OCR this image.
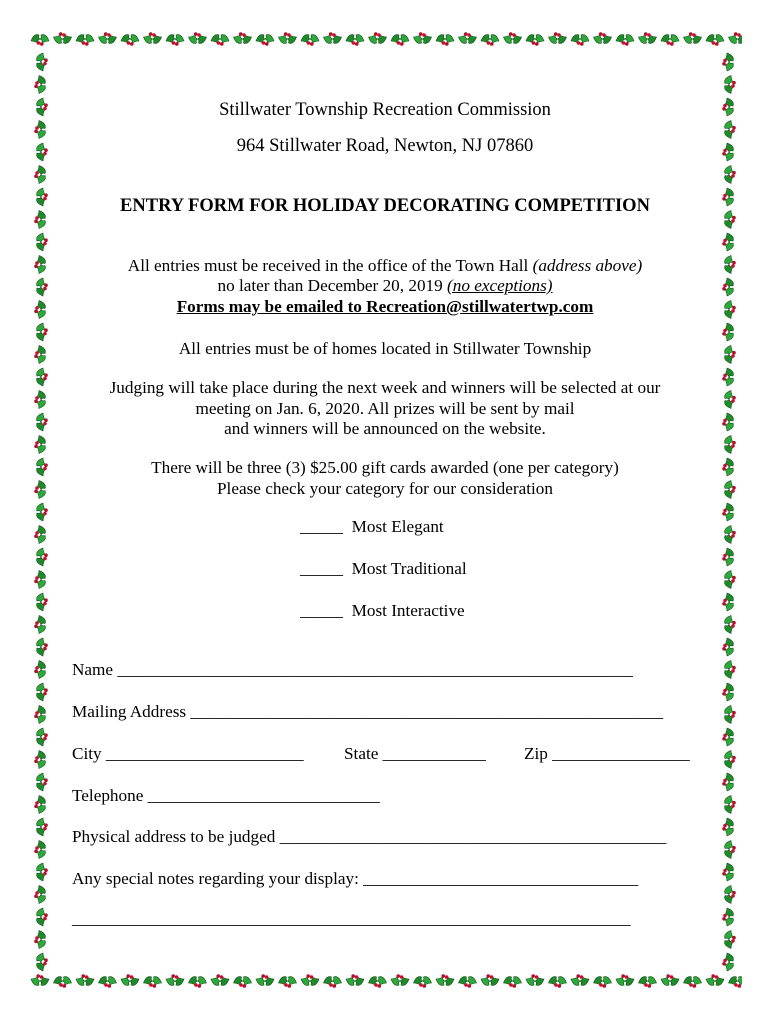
Stillwater Township Recreation Commission
964 Stillwater Road, Newton, NJ 07860
ENTRY FORM FOR HOLIDAY DECORATING COMPETITION
All entries must be received in the office of the Town Hall (address above)
no later than December 20, 2019 (no exceptions)
Forms may be emailed to Recreation@stillwatertwp.com
All entries must be of homes located in Stillwater Township
Judging will take place during the next week and winners will be selected at our
meeting on Jan. 6, 2020. All prizes will be sent by mail
and winners will be announced on the website.
There will be three (3) $25.00 gift cards awarded (one per category)
Please check your category for our consideration
_____ Most Elegant
_____ Most Traditional
_____ Most Interactive
Name ____________________________________________________________
Mailing Address _______________________________________________________
City _______________________ State ____________ Zip ________________
Telephone ___________________________
Physical address to be judged _____________________________________________
Any special notes regarding your display: ________________________________
_________________________________________________________________
